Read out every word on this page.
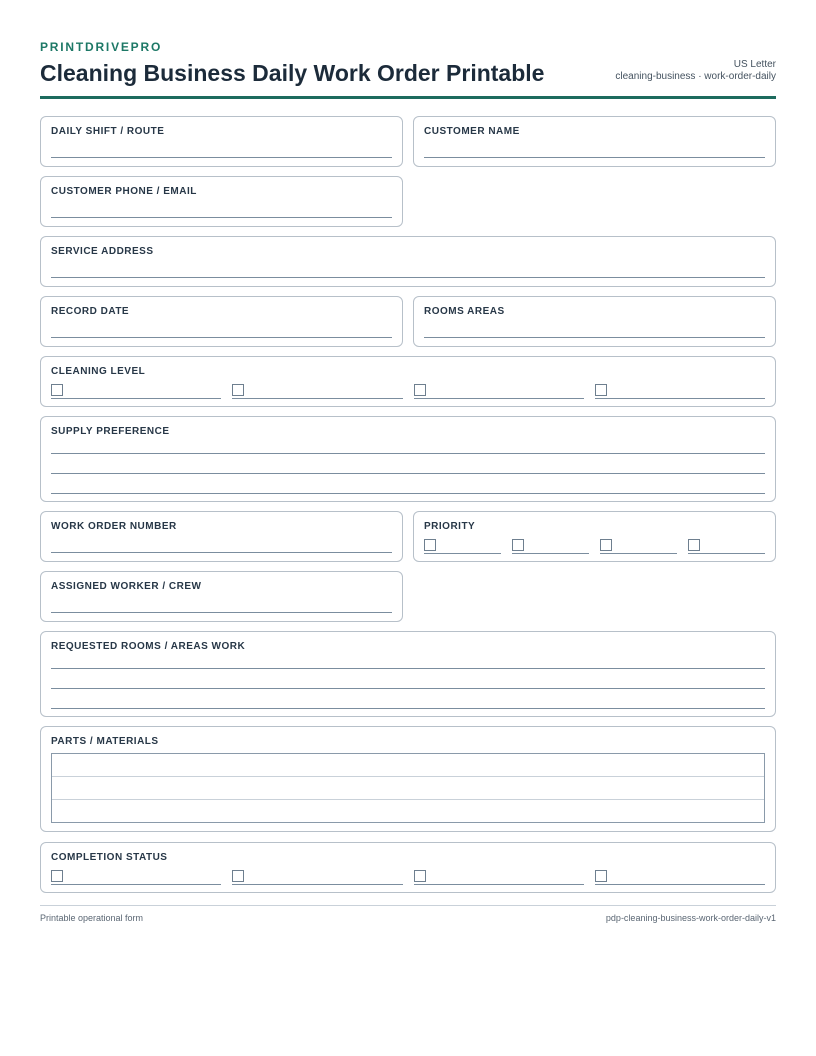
PRINTDRIVEPRO
Cleaning Business Daily Work Order Printable	US Letter
cleaning-business · work-order-daily
DAILY SHIFT / ROUTE	CUSTOMER NAME
CUSTOMER PHONE / EMAIL
SERVICE ADDRESS
RECORD DATE	ROOMS AREAS
CLEANING LEVEL
SUPPLY PREFERENCE
WORK ORDER NUMBER	PRIORITY
ASSIGNED WORKER / CREW
REQUESTED ROOMS / AREAS WORK
PARTS / MATERIALS
COMPLETION STATUS
Printable operational form	pdp-cleaning-business-work-order-daily-v1
